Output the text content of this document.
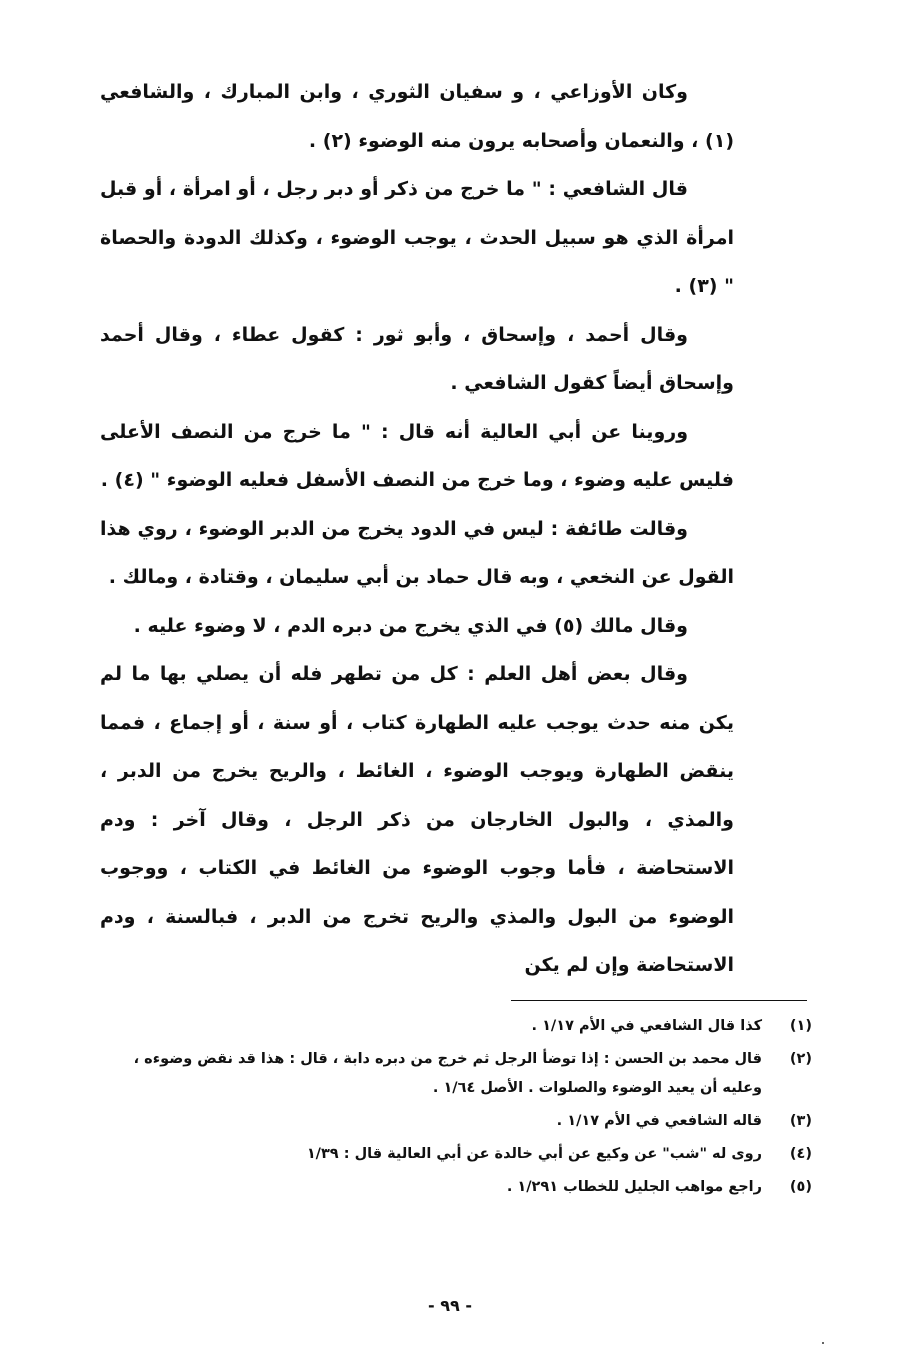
وكان الأوزاعي ، و سفيان الثوري ، وابن المبارك ، والشافعي (١) ، والنعمان وأصحابه يرون منه الوضوء (٢) .

قال الشافعي : " ما خرج من ذكر أو دبر رجل ، أو امرأة ، أو قبل امرأة الذي هو سبيل الحدث ، يوجب الوضوء ، وكذلك الدودة والحصاة " (٣) .

وقال أحمد ، وإسحاق ، وأبو ثور : كقول عطاء ، وقال أحمد وإسحاق أيضاً كقول الشافعي .

وروينا عن أبي العالية أنه قال : " ما خرج من النصف الأعلى فليس عليه وضوء ، وما خرج من النصف الأسفل فعليه الوضوء " (٤) .

وقالت طائفة : ليس في الدود يخرج من الدبر الوضوء ، روي هذا القول عن النخعي ، وبه قال حماد بن أبي سليمان ، وقتادة ، ومالك .

وقال مالك (٥) في الذي يخرج من دبره الدم ، لا وضوء عليه .

وقال بعض أهل العلم : كل من تطهر فله أن يصلي بها ما لم يكن منه حدث يوجب عليه الطهارة كتاب ، أو سنة ، أو إجماع ، فمما ينقض الطهارة ويوجب الوضوء ، الغائط ، والريح يخرج من الدبر ، والمذي ، والبول الخارجان من ذكر الرجل ، وقال آخر : ودم الاستحاضة ، فأما وجوب الوضوء من الغائط في الكتاب ، ووجوب الوضوء من البول والمذي والريح تخرج من الدبر ، فبالسنة ، ودم الاستحاضة وإن لم يكن

(١)
كذا قال الشافعي في الأم ١/١٧ .
(٢)
قال محمد بن الحسن : إذا توضأ الرجل ثم خرج من دبره دابة ، قال : هذا قد نقض وضوءه ، وعليه أن يعيد الوضوء والصلوات . الأصل ١/٦٤ .
(٣)
قاله الشافعي في الأم ١/١٧ .
(٤)
روى له "شب" عن وكيع عن أبي خالدة عن أبي العالية قال : ١/٣٩
(٥)
راجع مواهب الجليل للخطاب ١/٢٩١ .
- ٩٩ -
